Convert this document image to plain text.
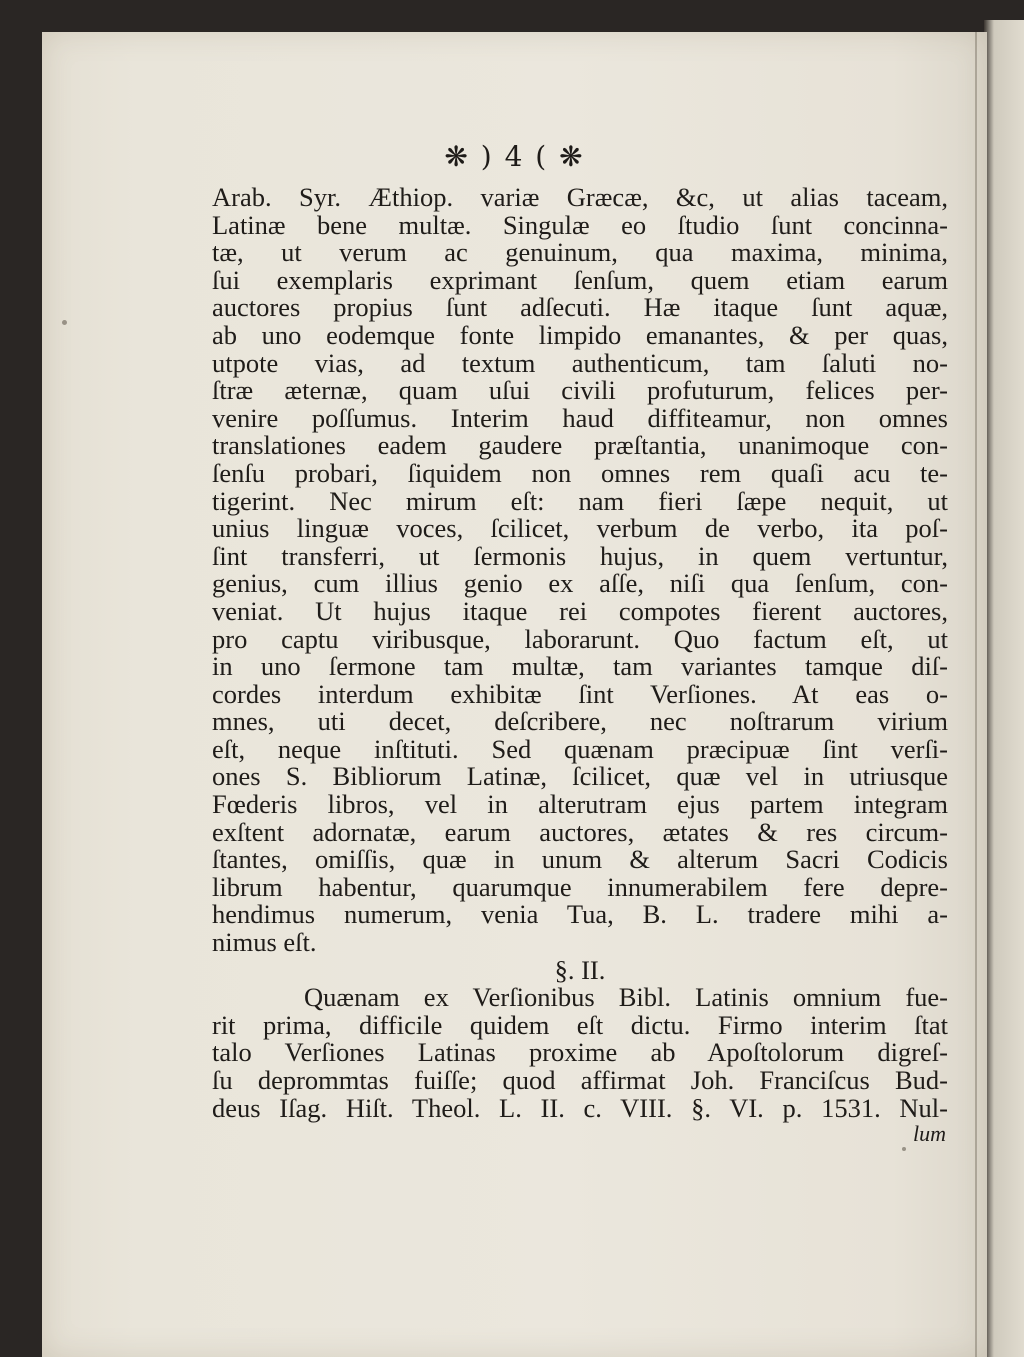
❋ ) 4 ( ❋
Arab. Syr. Æthiop. variæ Græcæ, &c, ut alias taceam,
Latinæ bene multæ. Singulæ eo ſtudio ſunt concinna-
tæ, ut verum ac genuinum, qua maxima, minima,
ſui exemplaris exprimant ſenſum, quem etiam earum
auctores propius ſunt adſecuti. Hæ itaque ſunt aquæ,
ab uno eodemque fonte limpido emanantes, & per quas,
utpote vias, ad textum authenticum, tam ſaluti no-
ſtræ æternæ, quam uſui civili profuturum, felices per-
venire poſſumus. Interim haud diffiteamur, non omnes
translationes eadem gaudere præſtantia, unanimoque con-
ſenſu probari, ſiquidem non omnes rem quaſi acu te-
tigerint. Nec mirum eſt: nam fieri ſæpe nequit, ut
unius linguæ voces, ſcilicet, verbum de verbo, ita poſ-
ſint transferri, ut ſermonis hujus, in quem vertuntur,
genius, cum illius genio ex aſſe, niſi qua ſenſum, con-
veniat. Ut hujus itaque rei compotes fierent auctores,
pro captu viribusque, laborarunt. Quo factum eſt, ut
in uno ſermone tam multæ, tam variantes tamque diſ-
cordes interdum exhibitæ ſint Verſiones. At eas o-
mnes, uti decet, deſcribere, nec noſtrarum virium
eſt, neque inſtituti. Sed quænam præcipuæ ſint verſi-
ones S. Bibliorum Latinæ, ſcilicet, quæ vel in utriusque
Fœderis libros, vel in alterutram ejus partem integram
exſtent adornatæ, earum auctores, ætates & res circum-
ſtantes, omiſſis, quæ in unum & alterum Sacri Codicis
librum habentur, quarumque innumerabilem fere depre-
hendimus numerum, venia Tua, B. L. tradere mihi a-
nimus eſt.
§. II.
Quænam ex Verſionibus Bibl. Latinis omnium fue-
rit prima, difficile quidem eſt dictu. Firmo interim ſtat
talo Verſiones Latinas proxime ab Apoſtolorum digreſ-
ſu deprommtas fuiſſe; quod affirmat Joh. Franciſcus Bud-
deus Iſag. Hiſt. Theol. L. II. c. VIII. §. VI. p. 1531. Nul-
lum
